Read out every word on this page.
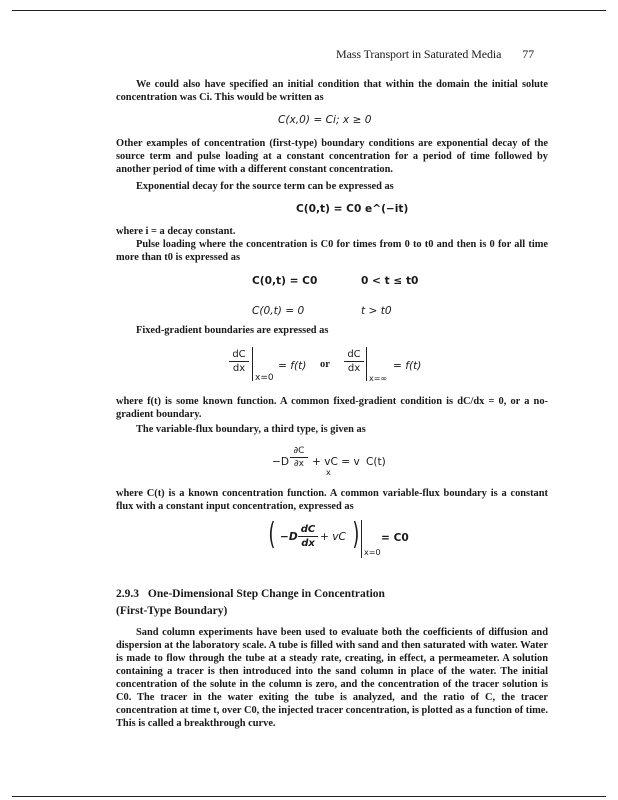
Mass Transport in Saturated Media 77
We could also have specified an initial condition that within the domain the initial solute concentration was Ci. This would be written as
C(x,0) = Ci; x ≥ 0
Other examples of concentration (first-type) boundary conditions are exponential decay of the source term and pulse loading at a constant concentration for a period of time followed by another period of time with a different constant concentration.
Exponential decay for the source term can be expressed as
C(0,t) = C0 e^(−it)
where i = a decay constant.
Pulse loading where the concentration is C0 for times from 0 to t0 and then is 0 for all time more than t0 is expressed as
C(0,t) = C0	0 < t ≤ t0
C(0,t) = 0	t > t0
Fixed-gradient boundaries are expressed as
dC
dx
x=0
= f(t) or
dC
dx
x=∞
= f(t)
where f(t) is some known function. A common fixed-gradient condition is dC/dx = 0, or a no-gradient boundary.
The variable-flux boundary, a third type, is given as
−D
∂C
∂x + vC = v C(t)
x
where C(t) is a known concentration function. A common variable-flux boundary is a constant flux with a constant input concentration, expressed as
( −D
dC
dx
+ vC )
x=0
= C0
2.9.3 One-Dimensional Step Change in Concentration
(First-Type Boundary)
Sand column experiments have been used to evaluate both the coefficients of diffusion and dispersion at the laboratory scale. A tube is filled with sand and then saturated with water. Water is made to flow through the tube at a steady rate, creating, in effect, a permeameter. A solution containing a tracer is then introduced into the sand column in place of the water. The initial concentration of the solute in the column is zero, and the concentration of the tracer solution is C0. The tracer in the water exiting the tube is analyzed, and the ratio of C, the tracer concentration at time t, over C0, the injected tracer concentration, is plotted as a function of time. This is called a breakthrough curve.
